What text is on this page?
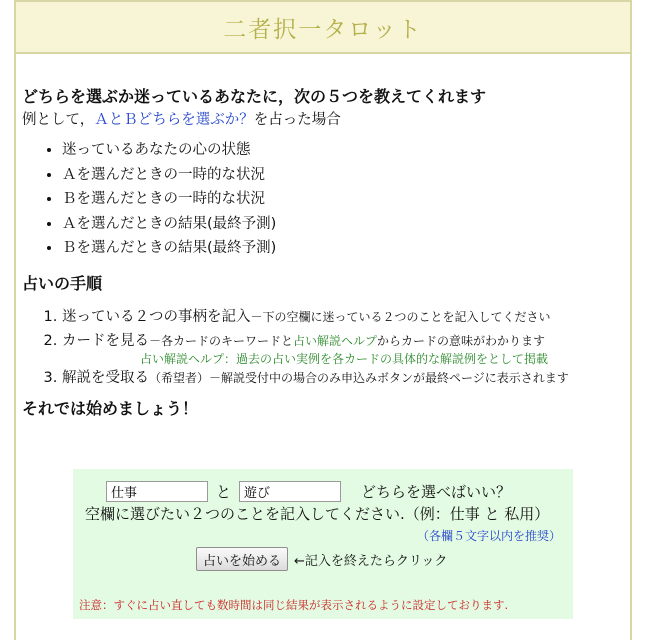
二者択一タロット

どちらを選ぶか迷っているあなたに，次の５つを教えてくれます

例として，ＡとＢどちらを選ぶか？を占った場合

• 迷っているあなたの心の状態
• Ａを選んだときの一時的な状況
• Ｂを選んだときの一時的な状況
• Ａを選んだときの結果(最終予測)
• Ｂを選んだときの結果(最終予測)

占いの手順

1. 迷っている２つの事柄を記入－下の空欄に迷っている２つのことを記入してください
2. カードを見る－各カードのキーワードと占い解説ヘルプからカードの意味がわかります
占い解説ヘルプ：過去の占い実例を各カードの具体的な解説例をとして掲載
3. 解説を受取る（希望者）－解説受付中の場合のみ申込みボタンが最終ページに表示されます

それでは始めましょう！

仕事
と
遊び	どちらを選べばいい？
空欄に選びたい２つのことを記入してください.（例：仕事 と 私用）
（各欄５文字以内を推奨）
占いを始める	←記入を終えたらクリック
注意：すぐに占い直しても数時間は同じ結果が表示されるように設定しております.
